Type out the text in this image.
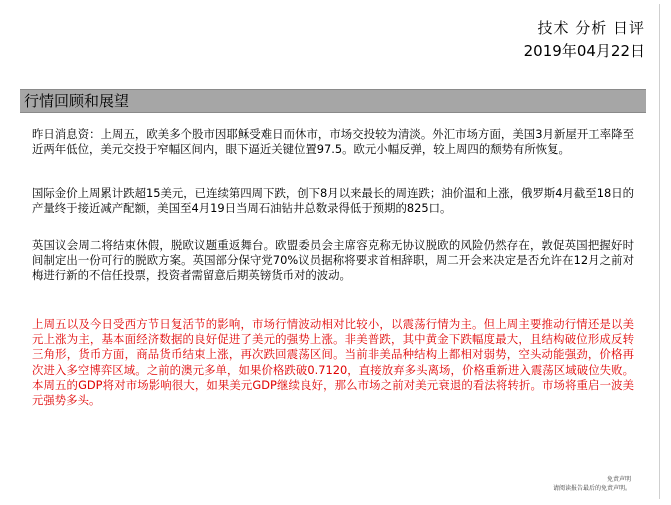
技术 分析 日评
2019年04月22日
行情回顾和展望

昨日消息资：上周五，欧美多个股市因耶稣受难日而休市，市场交投较为清淡。外汇市场方面，美国3月新屋开工率降至近两年低位，美元交投于窄幅区间内，眼下逼近关键位置97.5。欧元小幅反弹，较上周四的颓势有所恢复。

国际金价上周累计跌超15美元，已连续第四周下跌，创下8月以来最长的周连跌；油价温和上涨，俄罗斯4月截至18日的产量终于接近减产配额，美国至4月19日当周石油钻井总数录得低于预期的825口。

英国议会周二将结束休假，脱欧议题重返舞台。欧盟委员会主席容克称无协议脱欧的风险仍然存在，敦促英国把握好时间制定出一份可行的脱欧方案。英国部分保守党70%议员据称将要求首相辞职，周二开会来决定是否允许在12月之前对梅进行新的不信任投票，投资者需留意后期英镑货币对的波动。

上周五以及今日受西方节日复活节的影响，市场行情波动相对比较小，以震荡行情为主。但上周主要推动行情还是以美元上涨为主，基本面经济数据的良好促进了美元的强势上涨。非美普跌，其中黄金下跌幅度最大，且结构破位形成反转三角形，货币方面，商品货币结束上涨，再次跌回震荡区间。当前非美品种结构上都相对弱势，空头动能强劲，价格再次进入多空博弈区域。之前的澳元多单，如果价格跌破0.7120，直接放弃多头离场，价格重新进入震荡区域破位失败。本周五的GDP将对市场影响很大，如果美元GDP继续良好，那么市场之前对美元衰退的看法将转折。市场将重启一波美元强势多头。

免责声明
请阅读报告最后的免责声明。
